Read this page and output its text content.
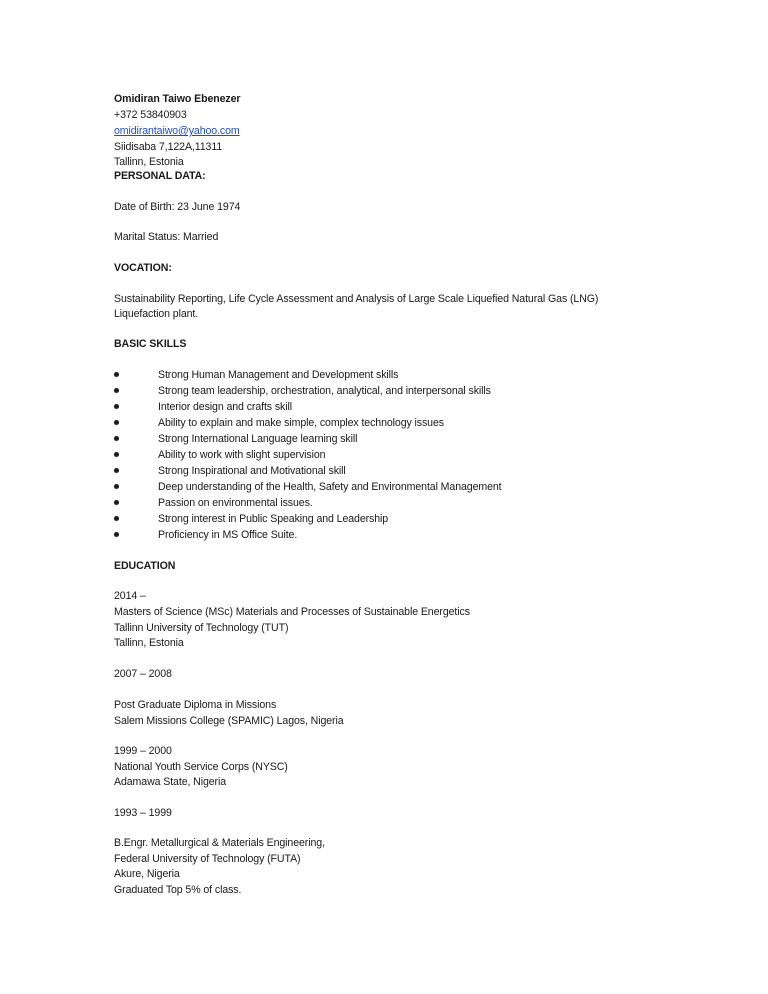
Omidiran Taiwo Ebenezer
+372 53840903
omidirantaiwo@yahoo.com
Siidisaba 7,122A,11311
Tallinn, Estonia
PERSONAL DATA:
Date of Birth: 23 June 1974
Marital Status: Married
VOCATION:
Sustainability Reporting, Life Cycle Assessment and Analysis of Large Scale Liquefied Natural Gas (LNG)
Liquefaction plant.
BASIC SKILLS
Strong Human Management and Development skills
Strong team leadership, orchestration, analytical, and interpersonal skills
Interior design and crafts skill
Ability to explain and make simple, complex technology issues
Strong International Language learning skill
Ability to work with slight supervision
Strong Inspirational and Motivational skill
Deep understanding of the Health, Safety and Environmental Management
Passion on environmental issues.
Strong interest in Public Speaking and Leadership
Proficiency in MS Office Suite.
EDUCATION
2014 –
Masters of Science (MSc) Materials and Processes of Sustainable Energetics
Tallinn University of Technology (TUT)
Tallinn, Estonia
2007 – 2008
Post Graduate Diploma in Missions
Salem Missions College (SPAMIC) Lagos, Nigeria
1999 – 2000
National Youth Service Corps (NYSC)
Adamawa State, Nigeria
1993 – 1999
B.Engr. Metallurgical & Materials Engineering,
Federal University of Technology (FUTA)
Akure, Nigeria
Graduated Top 5% of class.
